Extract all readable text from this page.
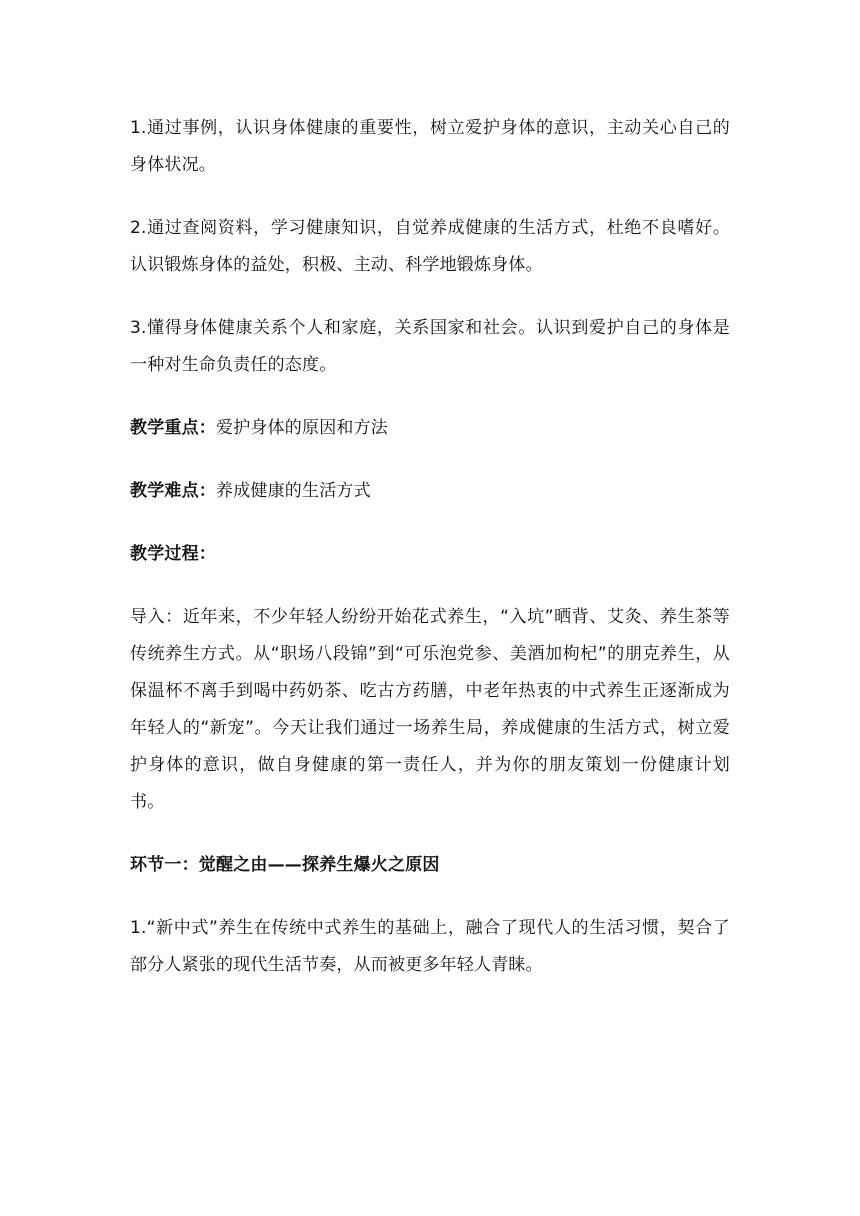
1.通过事例，认识身体健康的重要性，树立爱护身体的意识，主动关心自己的身体状况。

2.通过查阅资料，学习健康知识，自觉养成健康的生活方式，杜绝不良嗜好。认识锻炼身体的益处，积极、主动、科学地锻炼身体。

3.懂得身体健康关系个人和家庭，关系国家和社会。认识到爱护自己的身体是一种对生命负责任的态度。

教学重点：爱护身体的原因和方法

教学难点：养成健康的生活方式

教学过程：

导入：近年来，不少年轻人纷纷开始花式养生，“入坑”晒背、艾灸、养生茶等传统养生方式。从“职场八段锦”到“可乐泡党参、美酒加枸杞”的朋克养生，从保温杯不离手到喝中药奶茶、吃古方药膳，中老年热衷的中式养生正逐渐成为年轻人的“新宠”。今天让我们通过一场养生局，养成健康的生活方式，树立爱护身体的意识，做自身健康的第一责任人，并为你的朋友策划一份健康计划书。

环节一：觉醒之由——探养生爆火之原因

1.“新中式”养生在传统中式养生的基础上，融合了现代人的生活习惯，契合了部分人紧张的现代生活节奏，从而被更多年轻人青睐。
